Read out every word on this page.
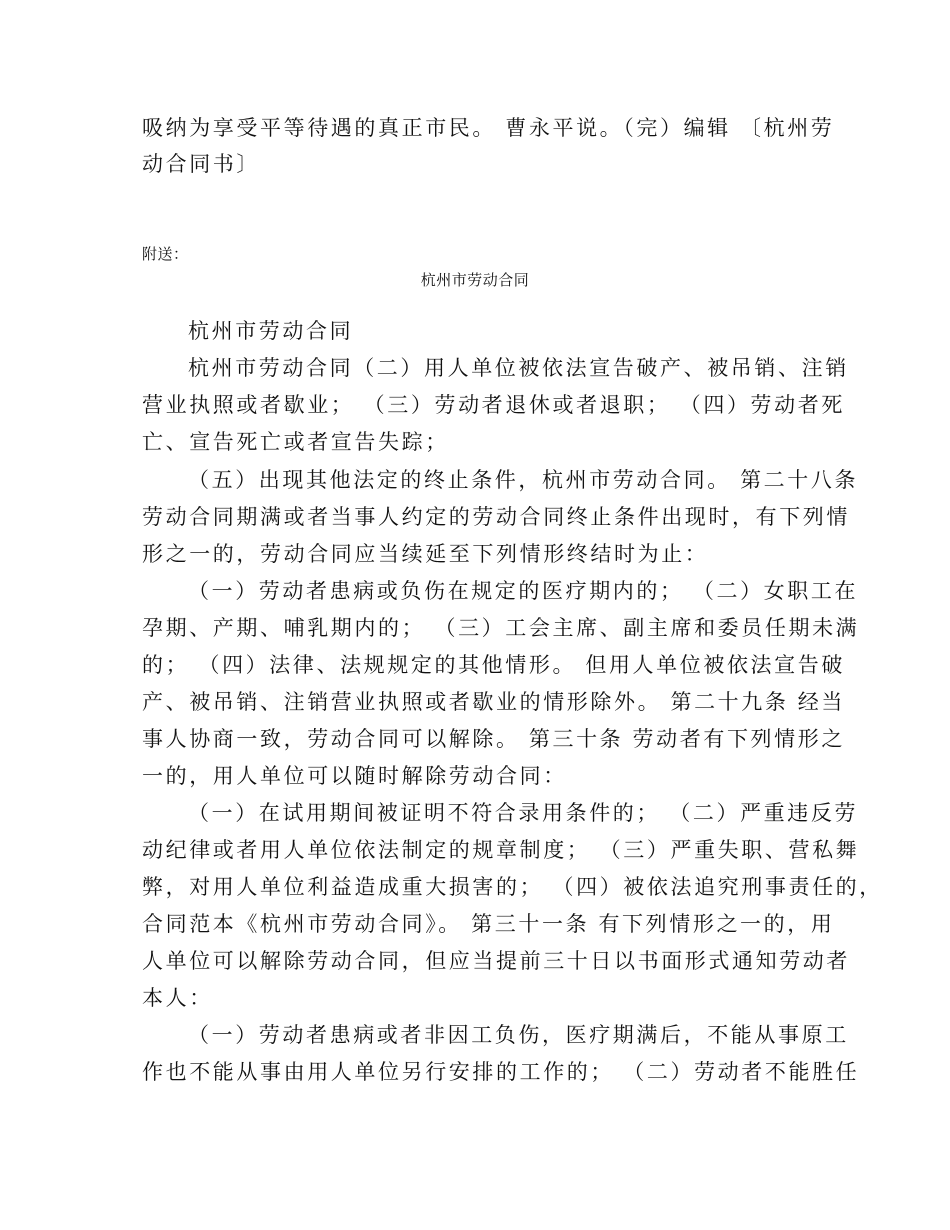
吸纳为享受平等待遇的真正市民。 曹永平说。（完）编辑 〔杭州劳
动合同书〕
附送：
杭州市劳动合同
杭州市劳动合同
杭州市劳动合同（二）用人单位被依法宣告破产、被吊销、注销
营业执照或者歇业； （三）劳动者退休或者退职； （四）劳动者死
亡、宣告死亡或者宣告失踪；
（五）出现其他法定的终止条件，杭州市劳动合同。 第二十八条
劳动合同期满或者当事人约定的劳动合同终止条件出现时，有下列情
形之一的，劳动合同应当续延至下列情形终结时为止：
（一）劳动者患病或负伤在规定的医疗期内的； （二）女职工在
孕期、产期、哺乳期内的； （三）工会主席、副主席和委员任期未满
的； （四）法律、法规规定的其他情形。 但用人单位被依法宣告破
产、被吊销、注销营业执照或者歇业的情形除外。 第二十九条 经当
事人协商一致，劳动合同可以解除。 第三十条 劳动者有下列情形之
一的，用人单位可以随时解除劳动合同：
（一）在试用期间被证明不符合录用条件的； （二）严重违反劳
动纪律或者用人单位依法制定的规章制度； （三）严重失职、营私舞
弊，对用人单位利益造成重大损害的； （四）被依法追究刑事责任的，
合同范本《杭州市劳动合同》。 第三十一条 有下列情形之一的，用
人单位可以解除劳动合同，但应当提前三十日以书面形式通知劳动者
本人：
（一）劳动者患病或者非因工负伤，医疗期满后，不能从事原工
作也不能从事由用人单位另行安排的工作的； （二）劳动者不能胜任
